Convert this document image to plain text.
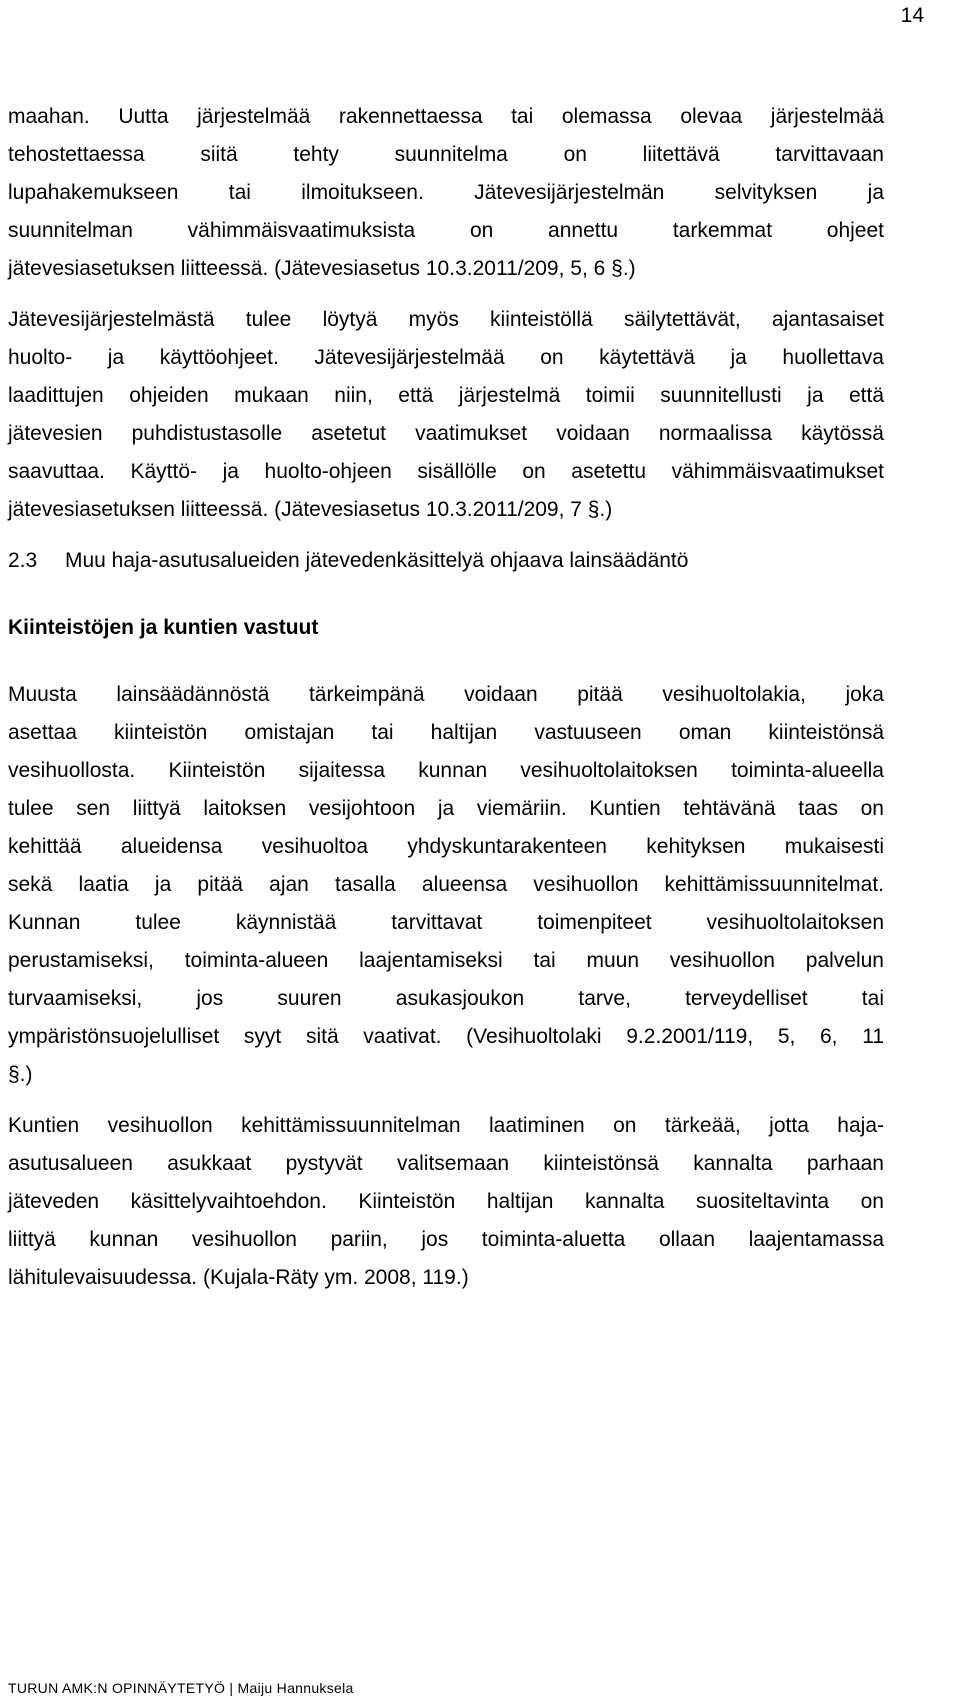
14
maahan. Uutta järjestelmää rakennettaessa tai olemassa olevaa järjestelmää
tehostettaessa siitä tehty suunnitelma on liitettävä tarvittavaan
lupahakemukseen tai ilmoitukseen. Jätevesijärjestelmän selvityksen ja
suunnitelman vähimmäisvaatimuksista on annettu tarkemmat ohjeet
jätevesiasetuksen liitteessä. (Jätevesiasetus 10.3.2011/209, 5, 6 §.)
Jätevesijärjestelmästä tulee löytyä myös kiinteistöllä säilytettävät, ajantasaiset
huolto- ja käyttöohjeet. Jätevesijärjestelmää on käytettävä ja huollettava
laadittujen ohjeiden mukaan niin, että järjestelmä toimii suunnitellusti ja että
jätevesien puhdistustasolle asetetut vaatimukset voidaan normaalissa käytössä
saavuttaa. Käyttö- ja huolto-ohjeen sisällölle on asetettu vähimmäisvaatimukset
jätevesiasetuksen liitteessä. (Jätevesiasetus 10.3.2011/209, 7 §.)
2.3 Muu haja-asutusalueiden jätevedenkäsittelyä ohjaava lainsäädäntö
Kiinteistöjen ja kuntien vastuut
Muusta lainsäädännöstä tärkeimpänä voidaan pitää vesihuoltolakia, joka
asettaa kiinteistön omistajan tai haltijan vastuuseen oman kiinteistönsä
vesihuollosta. Kiinteistön sijaitessa kunnan vesihuoltolaitoksen toiminta-alueella
tulee sen liittyä laitoksen vesijohtoon ja viemäriin. Kuntien tehtävänä taas on
kehittää alueidensa vesihuoltoa yhdyskuntarakenteen kehityksen mukaisesti
sekä laatia ja pitää ajan tasalla alueensa vesihuollon kehittämissuunnitelmat.
Kunnan tulee käynnistää tarvittavat toimenpiteet vesihuoltolaitoksen
perustamiseksi, toiminta-alueen laajentamiseksi tai muun vesihuollon palvelun
turvaamiseksi, jos suuren asukasjoukon tarve, terveydelliset tai
ympäristönsuojelulliset syyt sitä vaativat. (Vesihuoltolaki 9.2.2001/119, 5, 6, 11
§.)
Kuntien vesihuollon kehittämissuunnitelman laatiminen on tärkeää, jotta haja-
asutusalueen asukkaat pystyvät valitsemaan kiinteistönsä kannalta parhaan
jäteveden käsittelyvaihtoehdon. Kiinteistön haltijan kannalta suositeltavinta on
liittyä kunnan vesihuollon pariin, jos toiminta-aluetta ollaan laajentamassa
lähitulevaisuudessa. (Kujala-Räty ym. 2008, 119.)
TURUN AMK:N OPINNÄYTETYÖ | Maiju Hannuksela
